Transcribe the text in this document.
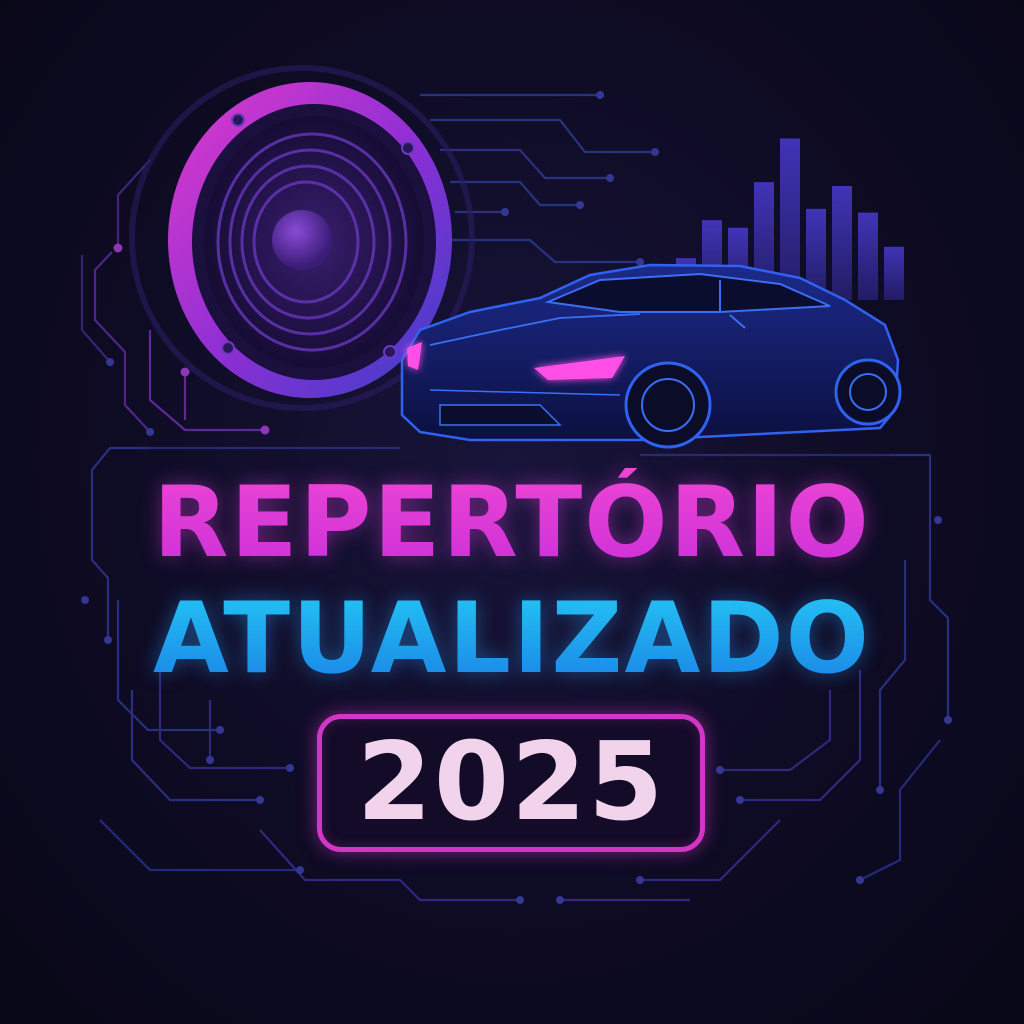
REPERTÓRIO
ATUALIZADO
2025
